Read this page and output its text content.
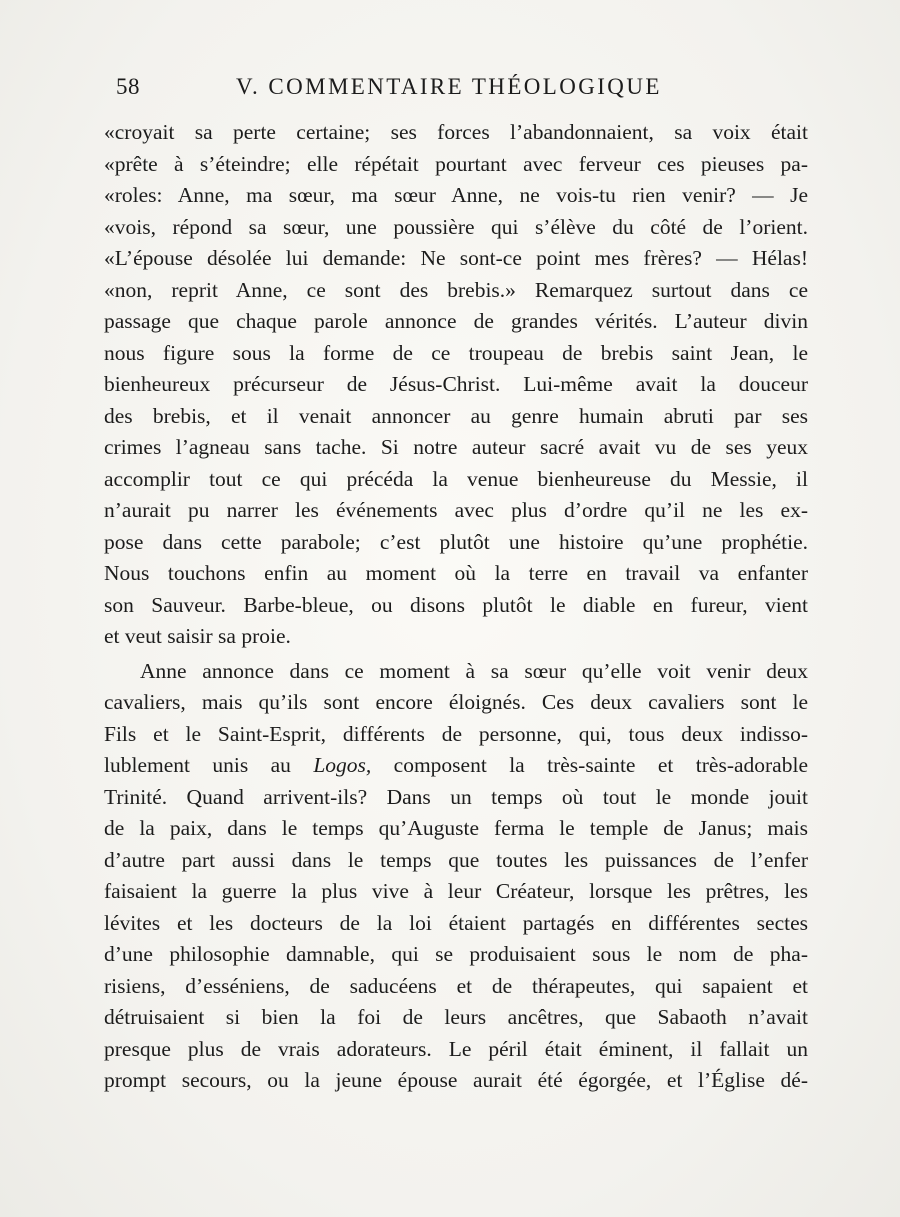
58	V. COMMENTAIRE THÉOLOGIQUE
«croyait sa perte certaine; ses forces l’abandonnaient, sa voix était
«prête à s’éteindre; elle répétait pourtant avec ferveur ces pieuses pa-
«roles: Anne, ma sœur, ma sœur Anne, ne vois-tu rien venir? — Je
«vois, répond sa sœur, une poussière qui s’élève du côté de l’orient.
«L’épouse désolée lui demande: Ne sont-ce point mes frères? — Hélas!
«non, reprit Anne, ce sont des brebis.» Remarquez surtout dans ce
passage que chaque parole annonce de grandes vérités. L’auteur divin
nous figure sous la forme de ce troupeau de brebis saint Jean, le
bienheureux précurseur de Jésus-Christ. Lui-même avait la douceur
des brebis, et il venait annoncer au genre humain abruti par ses
crimes l’agneau sans tache. Si notre auteur sacré avait vu de ses yeux
accomplir tout ce qui précéda la venue bienheureuse du Messie, il
n’aurait pu narrer les événements avec plus d’ordre qu’il ne les ex-
pose dans cette parabole; c’est plutôt une histoire qu’une prophétie.
Nous touchons enfin au moment où la terre en travail va enfanter
son Sauveur. Barbe-bleue, ou disons plutôt le diable en fureur, vient
et veut saisir sa proie.
Anne annonce dans ce moment à sa sœur qu’elle voit venir deux
cavaliers, mais qu’ils sont encore éloignés. Ces deux cavaliers sont le
Fils et le Saint-Esprit, différents de personne, qui, tous deux indisso-
lublement unis au Logos, composent la très-sainte et très-adorable
Trinité. Quand arrivent-ils? Dans un temps où tout le monde jouit
de la paix, dans le temps qu’Auguste ferma le temple de Janus; mais
d’autre part aussi dans le temps que toutes les puissances de l’enfer
faisaient la guerre la plus vive à leur Créateur, lorsque les prêtres, les
lévites et les docteurs de la loi étaient partagés en différentes sectes
d’une philosophie damnable, qui se produisaient sous le nom de pha-
risiens, d’esséniens, de saducéens et de thérapeutes, qui sapaient et
détruisaient si bien la foi de leurs ancêtres, que Sabaoth n’avait
presque plus de vrais adorateurs. Le péril était éminent, il fallait un
prompt secours, ou la jeune épouse aurait été égorgée, et l’Église dé-
